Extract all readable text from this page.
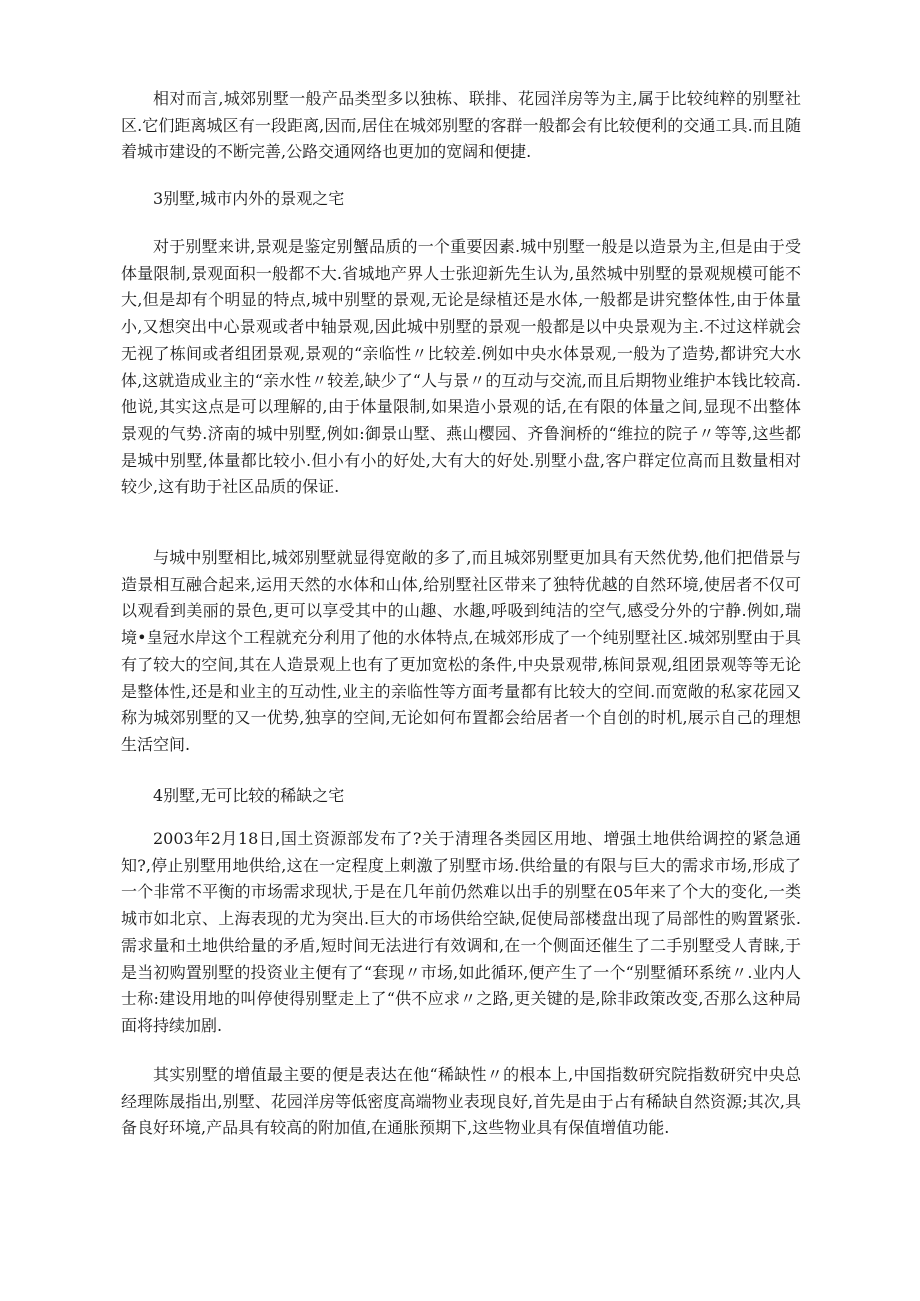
相对而言,城郊别墅一般产品类型多以独栋、联排、花园洋房等为主,属于比较纯粹的别墅社区.它们距离城区有一段距离,因而,居住在城郊别墅的客群一般都会有比较便利的交通工具.而且随着城市建设的不断完善,公路交通网络也更加的宽阔和便捷.

3别墅,城市内外的景观之宅

对于别墅来讲,景观是鉴定别蟹品质的一个重要因素.城中别墅一般是以造景为主,但是由于受体量限制,景观面积一般都不大.省城地产界人士张迎新先生认为,虽然城中别墅的景观规模可能不大,但是却有个明显的特点,城中别墅的景观,无论是绿植还是水体,一般都是讲究整体性,由于体量小,又想突出中心景观或者中轴景观,因此城中别墅的景观一般都是以中央景观为主.不过这样就会无视了栋间或者组团景观,景观的“亲临性〃比较差.例如中央水体景观,一般为了造势,都讲究大水体,这就造成业主的“亲水性〃较差,缺少了“人与景〃的互动与交流,而且后期物业维护本钱比较高.他说,其实这点是可以理解的,由于体量限制,如果造小景观的话,在有限的体量之间,显现不出整体景观的气势.济南的城中别墅,例如:御景山墅、燕山樱园、齐鲁涧桥的“维拉的院子〃等等,这些都是城中别墅,体量都比较小.但小有小的好处,大有大的好处.别墅小盘,客户群定位高而且数量相对较少,这有助于社区品质的保证.

与城中别墅相比,城郊别墅就显得宽敞的多了,而且城郊别墅更加具有天然优势,他们把借景与造景相互融合起来,运用天然的水体和山体,给别墅社区带来了独特优越的自然环境,使居者不仅可以观看到美丽的景色,更可以享受其中的山趣、水趣,呼吸到纯洁的空气,感受分外的宁静.例如,瑞境•皇冠水岸这个工程就充分利用了他的水体特点,在城郊形成了一个纯别墅社区.城郊别墅由于具有了较大的空间,其在人造景观上也有了更加宽松的条件,中央景观带,栋间景观,组团景观等等无论是整体性,还是和业主的互动性,业主的亲临性等方面考量都有比较大的空间.而宽敞的私家花园又称为城郊别墅的又一优势,独享的空间,无论如何布置都会给居者一个自创的时机,展示自己的理想生活空间.

4别墅,无可比较的稀缺之宅

2003年2月18日,国土资源部发布了?关于清理各类园区用地、增强土地供给调控的紧急通知?,停止别墅用地供给,这在一定程度上刺激了别墅市场.供给量的有限与巨大的需求市场,形成了一个非常不平衡的市场需求现状,于是在几年前仍然难以出手的别墅在05年来了个大的变化,一类城市如北京、上海表现的尤为突出.巨大的市场供给空缺,促使局部楼盘出现了局部性的购置紧张.需求量和土地供给量的矛盾,短时间无法进行有效调和,在一个侧面还催生了二手别墅受人青睐,于是当初购置别墅的投资业主便有了“套现〃市场,如此循环,便产生了一个“别墅循环系统〃.业内人士称:建设用地的叫停使得别墅走上了“供不应求〃之路,更关键的是,除非政策改变,否那么这种局面将持续加剧.

其实别墅的增值最主要的便是表达在他“稀缺性〃的根本上,中国指数研究院指数研究中央总经理陈晟指出,别墅、花园洋房等低密度高端物业表现良好,首先是由于占有稀缺自然资源;其次,具备良好环境,产品具有较高的附加值,在通胀预期下,这些物业具有保值增值功能.
